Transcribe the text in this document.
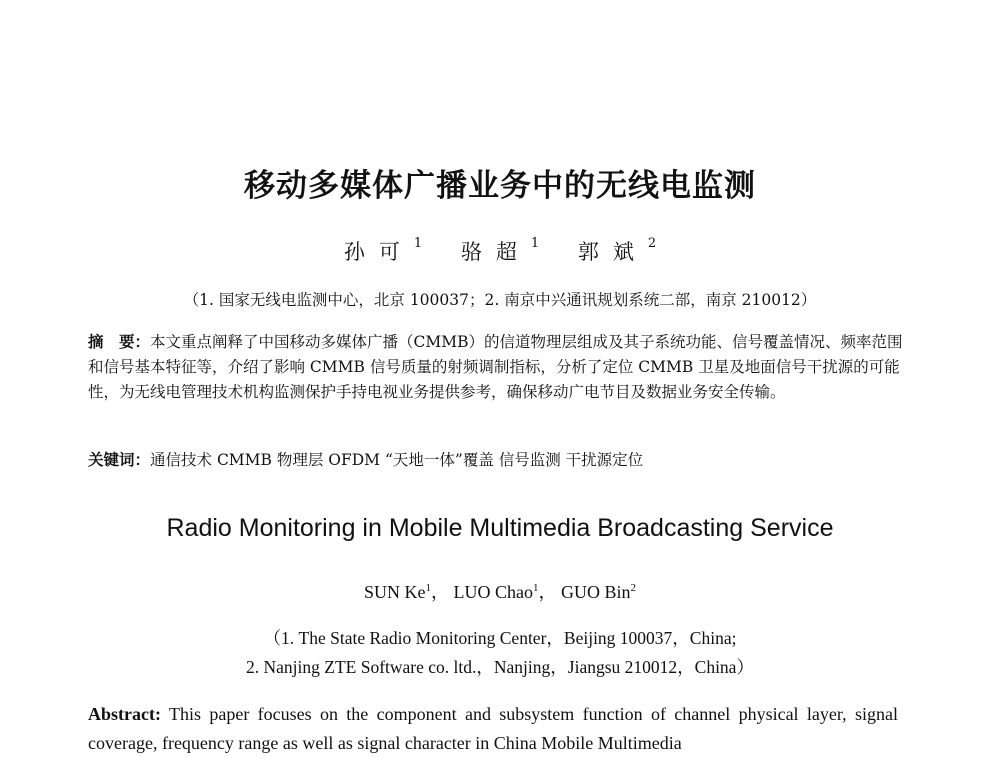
移动多媒体广播业务中的无线电监测
孙可$^1$ 骆超$^1$ 郭斌$^2$
（1. 国家无线电监测中心，北京 100037；2. 南京中兴通讯规划系统二部，南京 210012）
摘　要：本文重点阐释了中国移动多媒体广播（CMMB）的信道物理层组成及其子系统功能、信号覆盖情况、频率范围和信号基本特征等，介绍了影响 CMMB 信号质量的射频调制指标，分析了定位 CMMB 卫星及地面信号干扰源的可能性，为无线电管理技术机构监测保护手持电视业务提供参考，确保移动广电节目及数据业务安全传输。
关键词：通信技术 CMMB 物理层 OFDM “天地一体”覆盖 信号监测 干扰源定位
Radio Monitoring in Mobile Multimedia Broadcasting Service
SUN Ke$^1$， LUO Chao$^1$， GUO Bin$^2$
（1. The State Radio Monitoring Center，Beijing 100037，China;
2. Nanjing ZTE Software co. ltd.，Nanjing，Jiangsu 210012，China）
Abstract: This paper focuses on the component and subsystem function of channel physical layer, signal coverage, frequency range as well as signal character in China Mobile Multimedia
